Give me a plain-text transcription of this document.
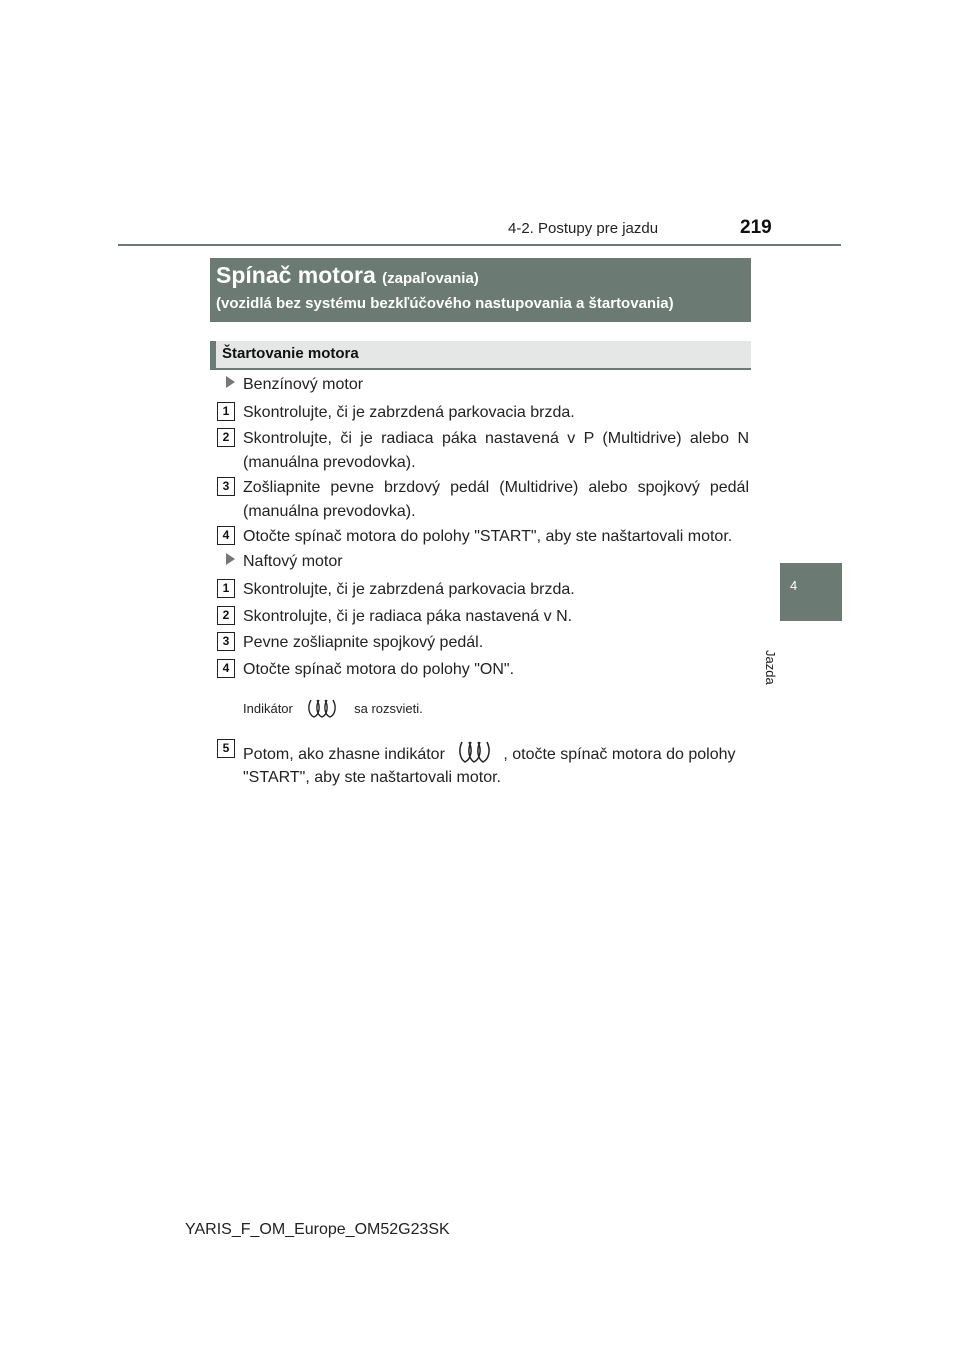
4-2. Postupy pre jazdu	219
4
Jazda
Spínač motora (zapaľovania)
(vozidlá bez systému bezkľúčového nastupovania a štartovania)
Štartovanie motora
Benzínový motor
1 Skontrolujte, či je zabrzdená parkovacia brzda.
2 Skontrolujte, či je radiaca páka nastavená v P (Multidrive) alebo N (manuálna prevodovka).
3 Zošliapnite pevne brzdový pedál (Multidrive) alebo spojkový pedál (manuálna prevodovka).
4 Otočte spínač motora do polohy "START", aby ste naštartovali motor.
Naftový motor
1 Skontrolujte, či je zabrzdená parkovacia brzda.
2 Skontrolujte, či je radiaca páka nastavená v N.
3 Pevne zošliapnite spojkový pedál.
4 Otočte spínač motora do polohy "ON".
Indikátor	sa rozsvieti.
5 Potom, ako zhasne indikátor	, otočte spínač motora do polohy
"START", aby ste naštartovali motor.
YARIS_F_OM_Europe_OM52G23SK
